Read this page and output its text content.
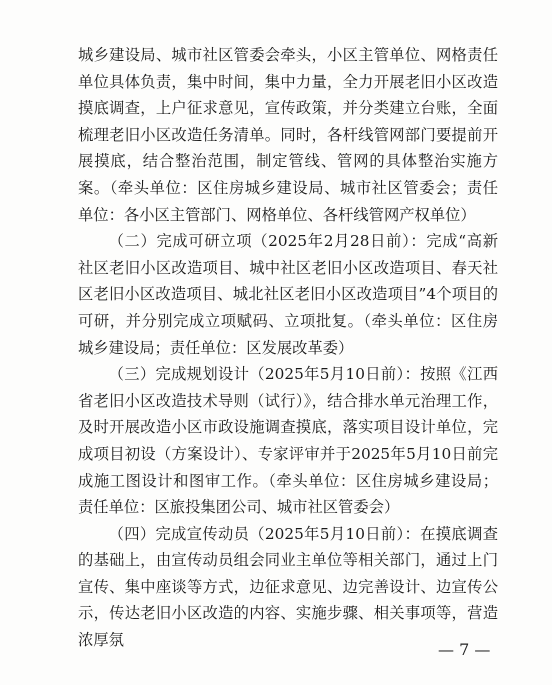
城乡建设局、城市社区管委会牵头，小区主管单位、网格责任单位具体负责，集中时间，集中力量，全力开展老旧小区改造摸底调查，上户征求意见，宣传政策，并分类建立台账，全面梳理老旧小区改造任务清单。同时，各杆线管网部门要提前开展摸底，结合整治范围，制定管线、管网的具体整治实施方案。（牵头单位：区住房城乡建设局、城市社区管委会；责任单位：各小区主管部门、网格单位、各杆线管网产权单位）

（二）完成可研立项（2025年2月28日前）：完成“高新社区老旧小区改造项目、城中社区老旧小区改造项目、春天社区老旧小区改造项目、城北社区老旧小区改造项目”4个项目的可研，并分别完成立项赋码、立项批复。（牵头单位：区住房城乡建设局；责任单位：区发展改革委）

（三）完成规划设计（2025年5月10日前）：按照《江西省老旧小区改造技术导则（试行）》，结合排水单元治理工作，及时开展改造小区市政设施调查摸底，落实项目设计单位，完成项目初设（方案设计）、专家评审并于2025年5月10日前完成施工图设计和图审工作。（牵头单位：区住房城乡建设局；责任单位：区旅投集团公司、城市社区管委会）

（四）完成宣传动员（2025年5月10日前）：在摸底调查的基础上，由宣传动员组会同业主单位等相关部门，通过上门宣传、集中座谈等方式，边征求意见、边完善设计、边宣传公示，传达老旧小区改造的内容、实施步骤、相关事项等，营造浓厚氛	— 7 —
